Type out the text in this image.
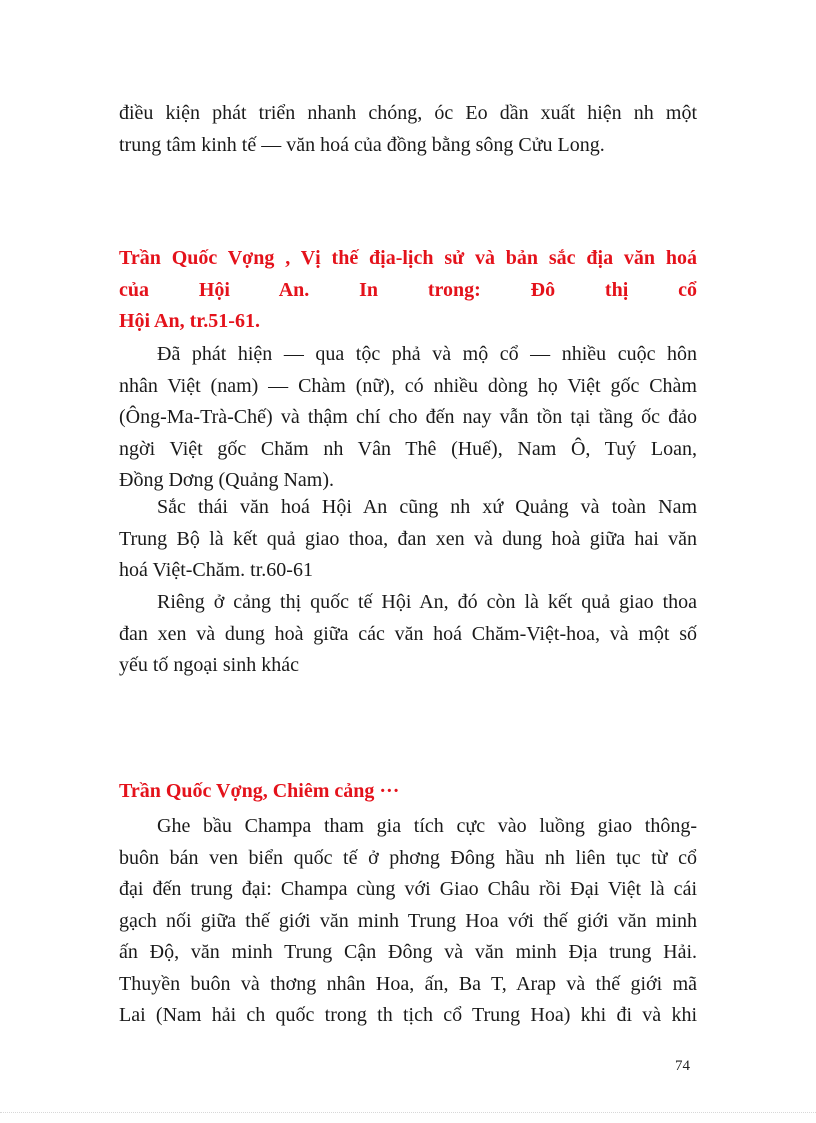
điều kiện phát triển nhanh chóng, óc Eo dần xuất hiện nh một
trung tâm kinh tế — văn hoá của đồng bằng sông Cửu Long.
Trần Quốc Vợng , Vị thế địa-lịch sử và bản sắc địa văn hoá
của Hội An. In trong: Đô thị cổ
Hội An, tr.51-61.
Đã phát hiện — qua tộc phả và mộ cổ — nhiều cuộc hôn
nhân Việt (nam) — Chàm (nữ), có nhiều dòng họ Việt gốc Chàm
(Ông-Ma-Trà-Chế) và thậm chí cho đến nay vẫn tồn tại tầng ốc đảo
ngời Việt gốc Chăm nh Vân Thê (Huế), Nam Ô, Tuý Loan,
Đồng Dơng (Quảng Nam).
Sắc thái văn hoá Hội An cũng nh xứ Quảng và toàn Nam
Trung Bộ là kết quả giao thoa, đan xen và dung hoà giữa hai văn
hoá Việt-Chăm. tr.60-61
Riêng ở cảng thị quốc tế Hội An, đó còn là kết quả giao thoa
đan xen và dung hoà giữa các văn hoá Chăm-Việt-hoa, và một số
yếu tố ngoại sinh khác
Trần Quốc Vợng, Chiêm cảng ···
Ghe bầu Champa tham gia tích cực vào luồng giao thông-
buôn bán ven biển quốc tế ở phơng Đông hầu nh liên tục từ cổ
đại đến trung đại: Champa cùng với Giao Châu rồi Đại Việt là cái
gạch nối giữa thế giới văn minh Trung Hoa với thế giới văn minh
ấn Độ, văn minh Trung Cận Đông và văn minh Địa trung Hải.
Thuyền buôn và thơng nhân Hoa, ấn, Ba T, Arap và thế giới mã
Lai (Nam hải ch quốc trong th tịch cổ Trung Hoa) khi đi và khi
74
